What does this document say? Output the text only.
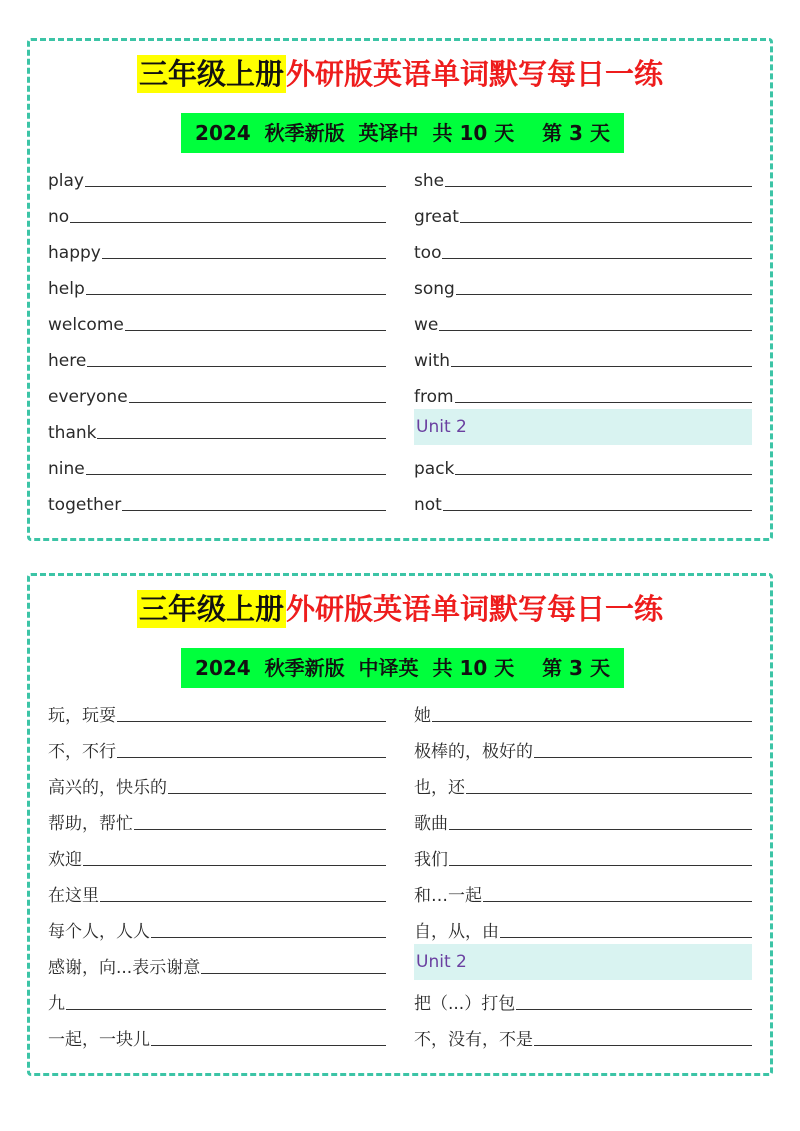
三年级上册外研版英语单词默写每日一练
2024  秋季新版  英译中  共 10 天    第 3 天
play
no
happy
help
welcome
here
everyone
thank
nine
together
she
great
too
song
we
with
from
Unit 2
pack
not
三年级上册外研版英语单词默写每日一练
2024  秋季新版  中译英  共 10 天    第 3 天
玩，玩耍
不，不行
高兴的，快乐的
帮助，帮忙
欢迎
在这里
每个人，人人
感谢，向...表示谢意
九
一起，一块儿
她
极棒的，极好的
也，还
歌曲
我们
和…一起
自，从，由
Unit 2
把（...）打包
不，没有，不是
